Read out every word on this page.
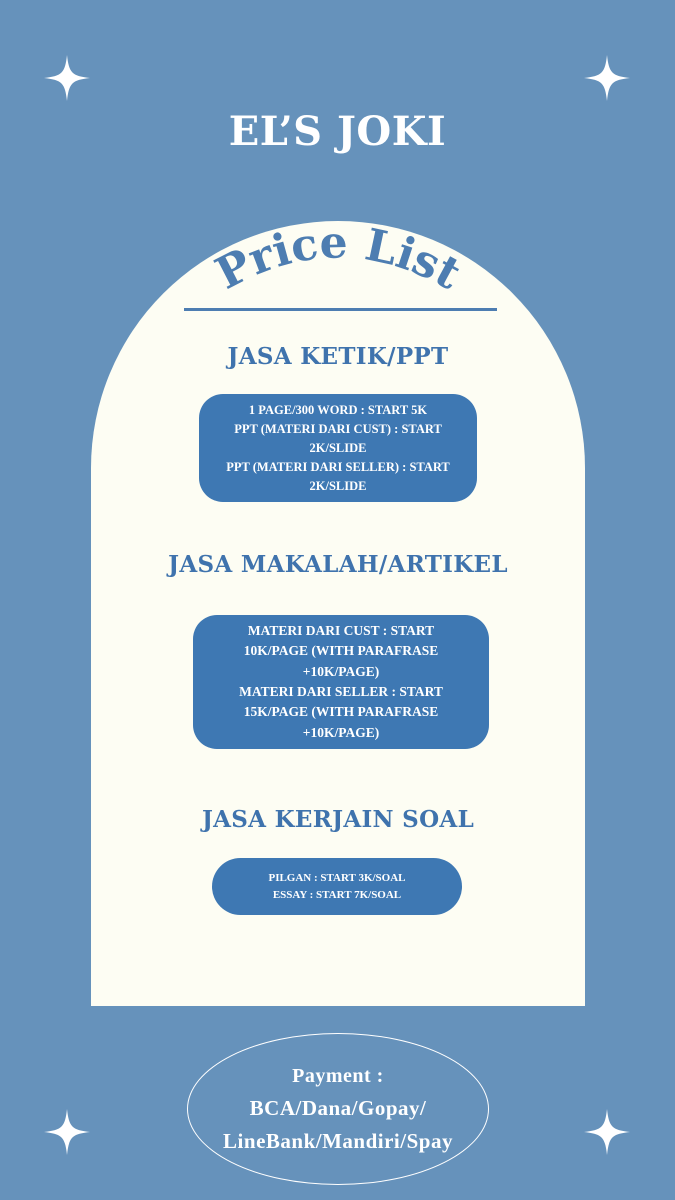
EL’S JOKI
Price List
JASA KETIK/PPT
1 PAGE/300 WORD : START 5K
PPT (MATERI DARI CUST) : START
2K/SLIDE
PPT (MATERI DARI SELLER) : START
2K/SLIDE
JASA MAKALAH/ARTIKEL
MATERI DARI CUST : START
10K/PAGE (WITH PARAFRASE
+10K/PAGE)
MATERI DARI SELLER : START
15K/PAGE (WITH PARAFRASE
+10K/PAGE)
JASA KERJAIN SOAL
PILGAN : START 3K/SOAL
ESSAY : START 7K/SOAL
Payment :
BCA/Dana/Gopay/
LineBank/Mandiri/Spay
